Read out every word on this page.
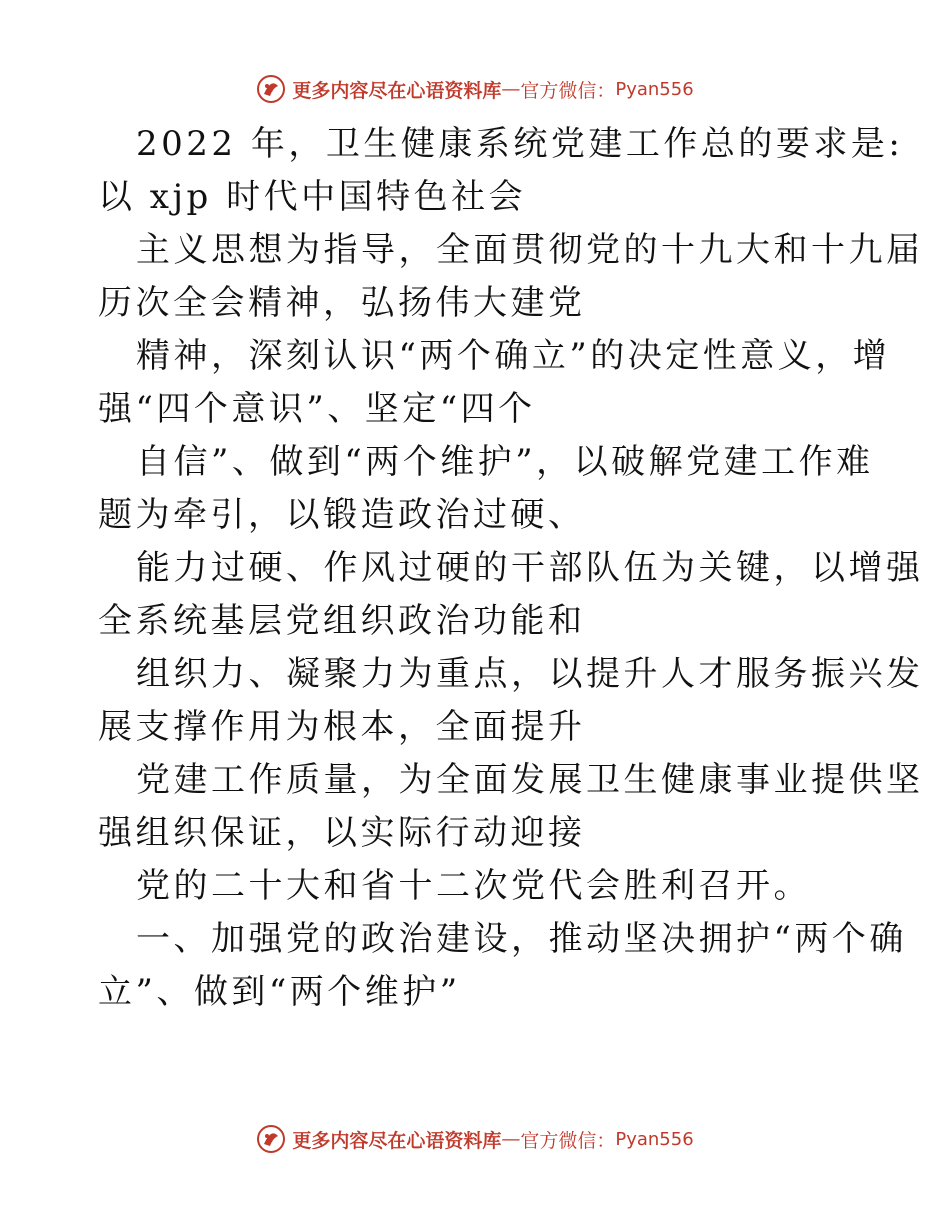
更多内容尽在心语资料库 — 官方微信： Pyan556
2022 年，卫生健康系统党建工作总的要求是:
以 xjp 时代中国特色社会
主义思想为指导，全面贯彻党的十九大和十九届
历次全会精神，弘扬伟大建党
精神，深刻认识“两个确立”的决定性意义，增
强“四个意识”、坚定“四个
自信”、做到“两个维护”，以破解党建工作难
题为牵引，以锻造政治过硬、
能力过硬、作风过硬的干部队伍为关键，以增强
全系统基层党组织政治功能和
组织力、凝聚力为重点，以提升人才服务振兴发
展支撑作用为根本，全面提升
党建工作质量，为全面发展卫生健康事业提供坚
强组织保证，以实际行动迎接
党的二十大和省十二次党代会胜利召开。
一、加强党的政治建设，推动坚决拥护“两个确
立”、做到“两个维护”
更多内容尽在心语资料库 — 官方微信： Pyan556
